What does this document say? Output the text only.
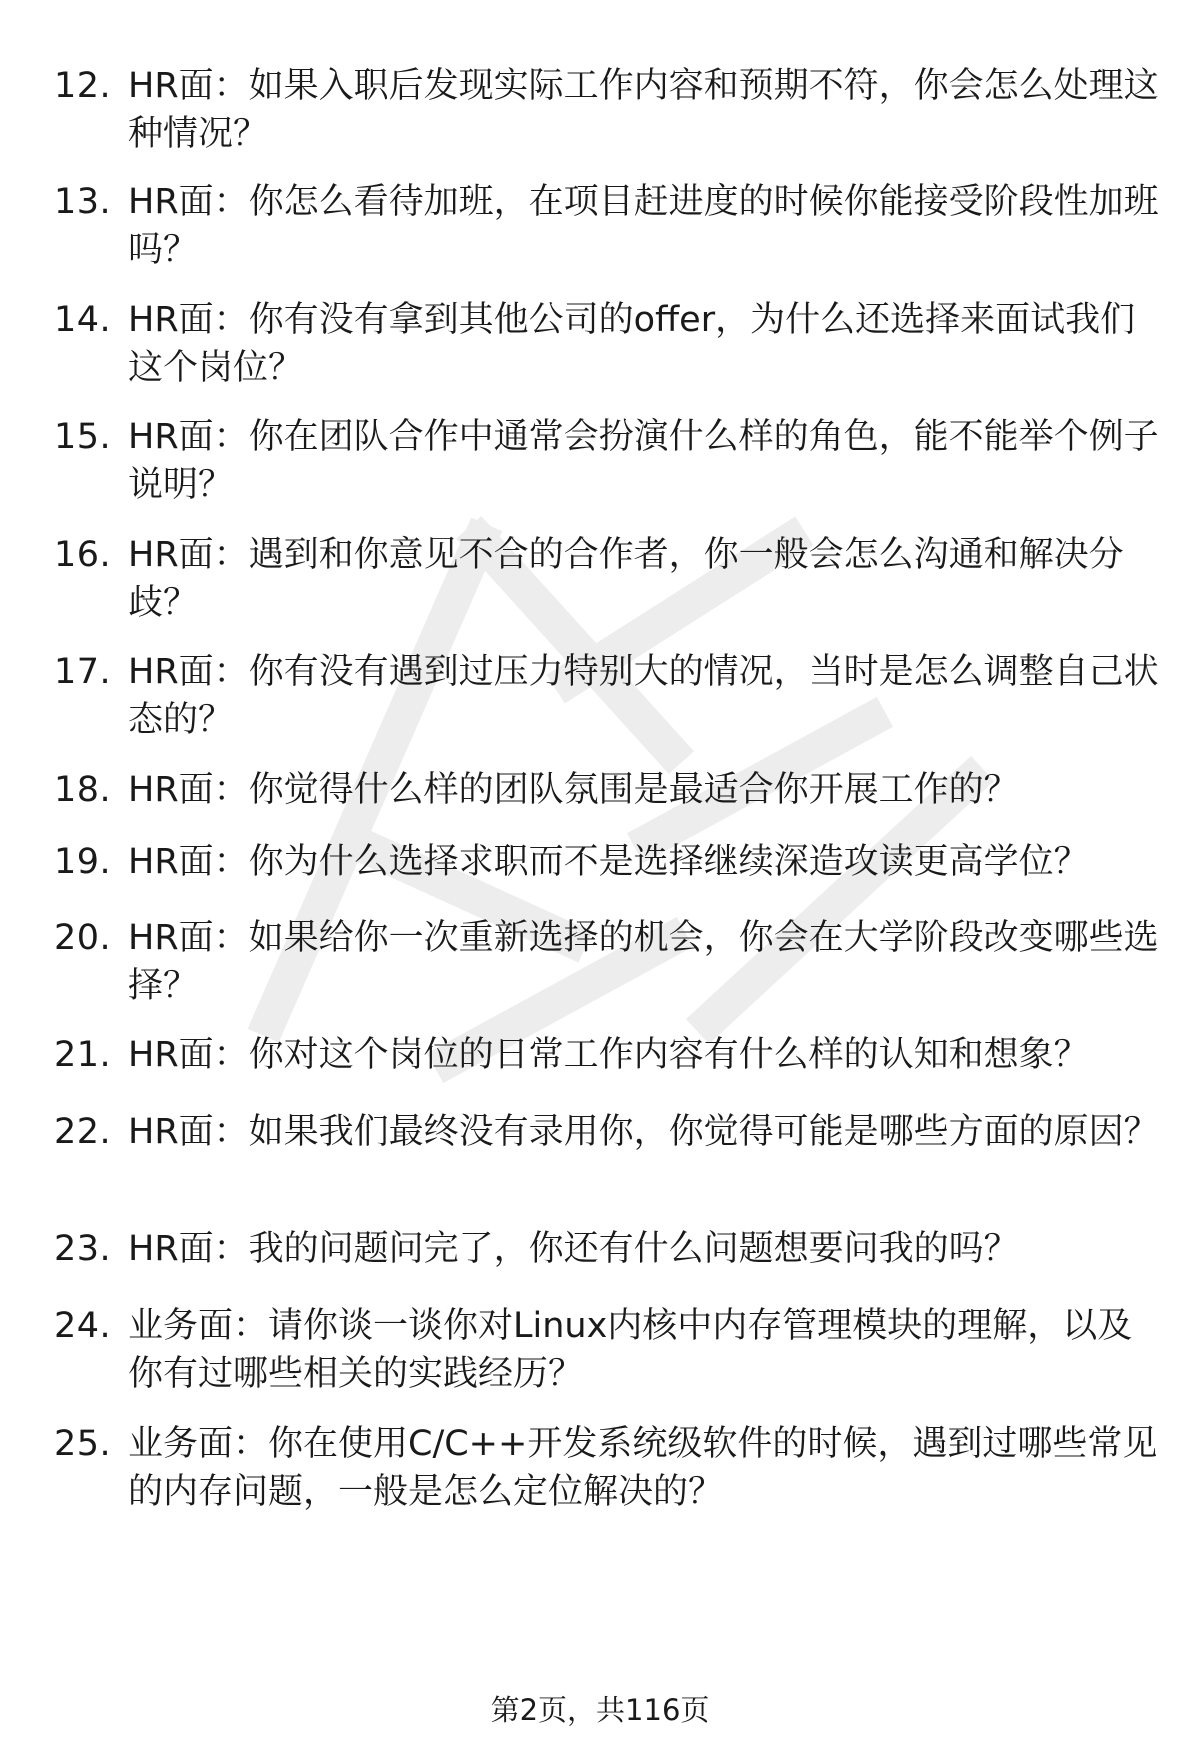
12. HR面：如果入职后发现实际工作内容和预期不符，你会怎么处理这种情况？
13. HR面：你怎么看待加班，在项目赶进度的时候你能接受阶段性加班吗？
14. HR面：你有没有拿到其他公司的offer，为什么还选择来面试我们这个岗位？
15. HR面：你在团队合作中通常会扮演什么样的角色，能不能举个例子说明？
16. HR面：遇到和你意见不合的合作者，你一般会怎么沟通和解决分歧？
17. HR面：你有没有遇到过压力特别大的情况，当时是怎么调整自己状态的？
18. HR面：你觉得什么样的团队氛围是最适合你开展工作的？
19. HR面：你为什么选择求职而不是选择继续深造攻读更高学位？
20. HR面：如果给你一次重新选择的机会，你会在大学阶段改变哪些选择？
21. HR面：你对这个岗位的日常工作内容有什么样的认知和想象？
22. HR面：如果我们最终没有录用你，你觉得可能是哪些方面的原因？
23. HR面：我的问题问完了，你还有什么问题想要问我的吗？
24. 业务面：请你谈一谈你对Linux内核中内存管理模块的理解，以及你有过哪些相关的实践经历？
25. 业务面：你在使用C/C++开发系统级软件的时候，遇到过哪些常见的内存问题，一般是怎么定位解决的？
第2页，共116页
